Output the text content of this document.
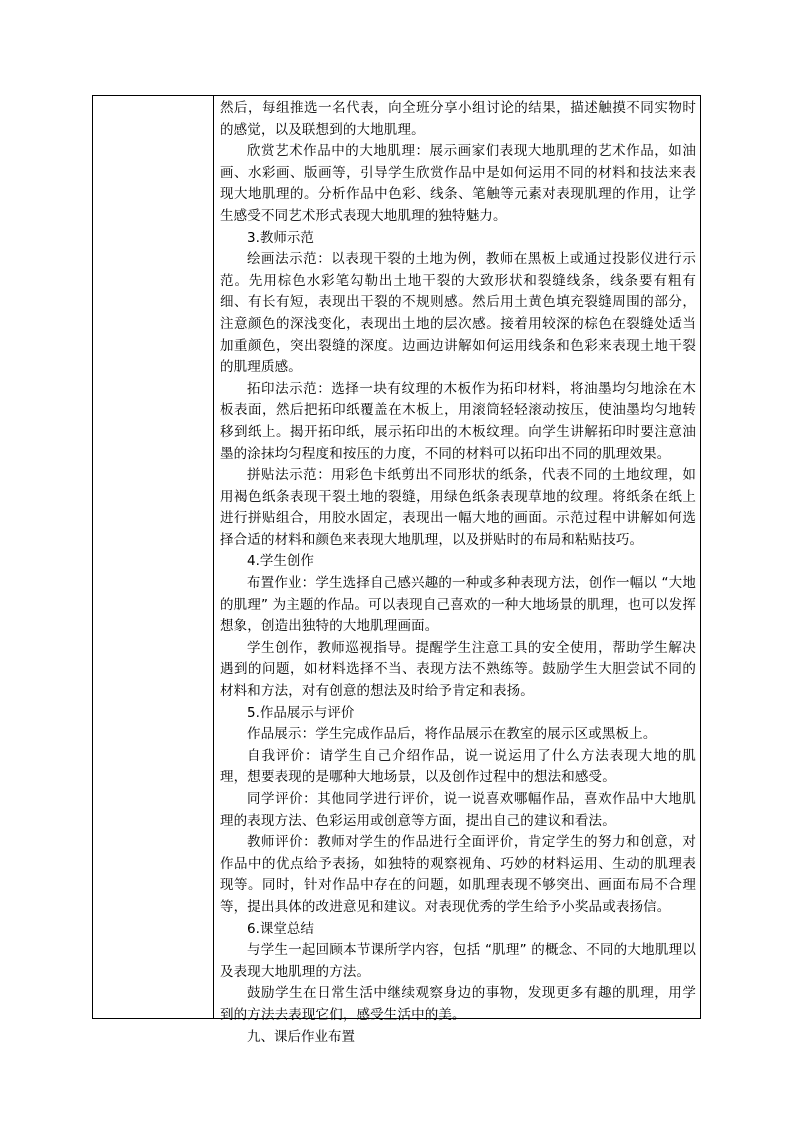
然后，每组推选一名代表，向全班分享小组讨论的结果，描述触摸不同实物时的感觉，以及联想到的大地肌理。

欣赏艺术作品中的大地肌理：展示画家们表现大地肌理的艺术作品，如油画、水彩画、版画等，引导学生欣赏作品中是如何运用不同的材料和技法来表现大地肌理的。分析作品中色彩、线条、笔触等元素对表现肌理的作用，让学生感受不同艺术形式表现大地肌理的独特魅力。

3.教师示范

绘画法示范：以表现干裂的土地为例，教师在黑板上或通过投影仪进行示范。先用棕色水彩笔勾勒出土地干裂的大致形状和裂缝线条，线条要有粗有细、有长有短，表现出干裂的不规则感。然后用土黄色填充裂缝周围的部分，注意颜色的深浅变化，表现出土地的层次感。接着用较深的棕色在裂缝处适当加重颜色，突出裂缝的深度。边画边讲解如何运用线条和色彩来表现土地干裂的肌理质感。

拓印法示范：选择一块有纹理的木板作为拓印材料，将油墨均匀地涂在木板表面，然后把拓印纸覆盖在木板上，用滚筒轻轻滚动按压，使油墨均匀地转移到纸上。揭开拓印纸，展示拓印出的木板纹理。向学生讲解拓印时要注意油墨的涂抹均匀程度和按压的力度，不同的材料可以拓印出不同的肌理效果。

拼贴法示范：用彩色卡纸剪出不同形状的纸条，代表不同的土地纹理，如用褐色纸条表现干裂土地的裂缝，用绿色纸条表现草地的纹理。将纸条在纸上进行拼贴组合，用胶水固定，表现出一幅大地的画面。示范过程中讲解如何选择合适的材料和颜色来表现大地肌理，以及拼贴时的布局和粘贴技巧。

4.学生创作

布置作业：学生选择自己感兴趣的一种或多种表现方法，创作一幅以 “大地的肌理” 为主题的作品。可以表现自己喜欢的一种大地场景的肌理，也可以发挥想象，创造出独特的大地肌理画面。

学生创作，教师巡视指导。提醒学生注意工具的安全使用，帮助学生解决遇到的问题，如材料选择不当、表现方法不熟练等。鼓励学生大胆尝试不同的材料和方法，对有创意的想法及时给予肯定和表扬。

5.作品展示与评价

作品展示：学生完成作品后，将作品展示在教室的展示区或黑板上。

自我评价：请学生自己介绍作品，说一说运用了什么方法表现大地的肌理，想要表现的是哪种大地场景，以及创作过程中的想法和感受。

同学评价：其他同学进行评价，说一说喜欢哪幅作品，喜欢作品中大地肌理的表现方法、色彩运用或创意等方面，提出自己的建议和看法。

教师评价：教师对学生的作品进行全面评价，肯定学生的努力和创意，对作品中的优点给予表扬，如独特的观察视角、巧妙的材料运用、生动的肌理表现等。同时，针对作品中存在的问题，如肌理表现不够突出、画面布局不合理等，提出具体的改进意见和建议。对表现优秀的学生给予小奖品或表扬信。

6.课堂总结

与学生一起回顾本节课所学内容，包括 “肌理” 的概念、不同的大地肌理以及表现大地肌理的方法。

鼓励学生在日常生活中继续观察身边的事物，发现更多有趣的肌理，用学到的方法去表现它们，感受生活中的美。

九、课后作业布置
